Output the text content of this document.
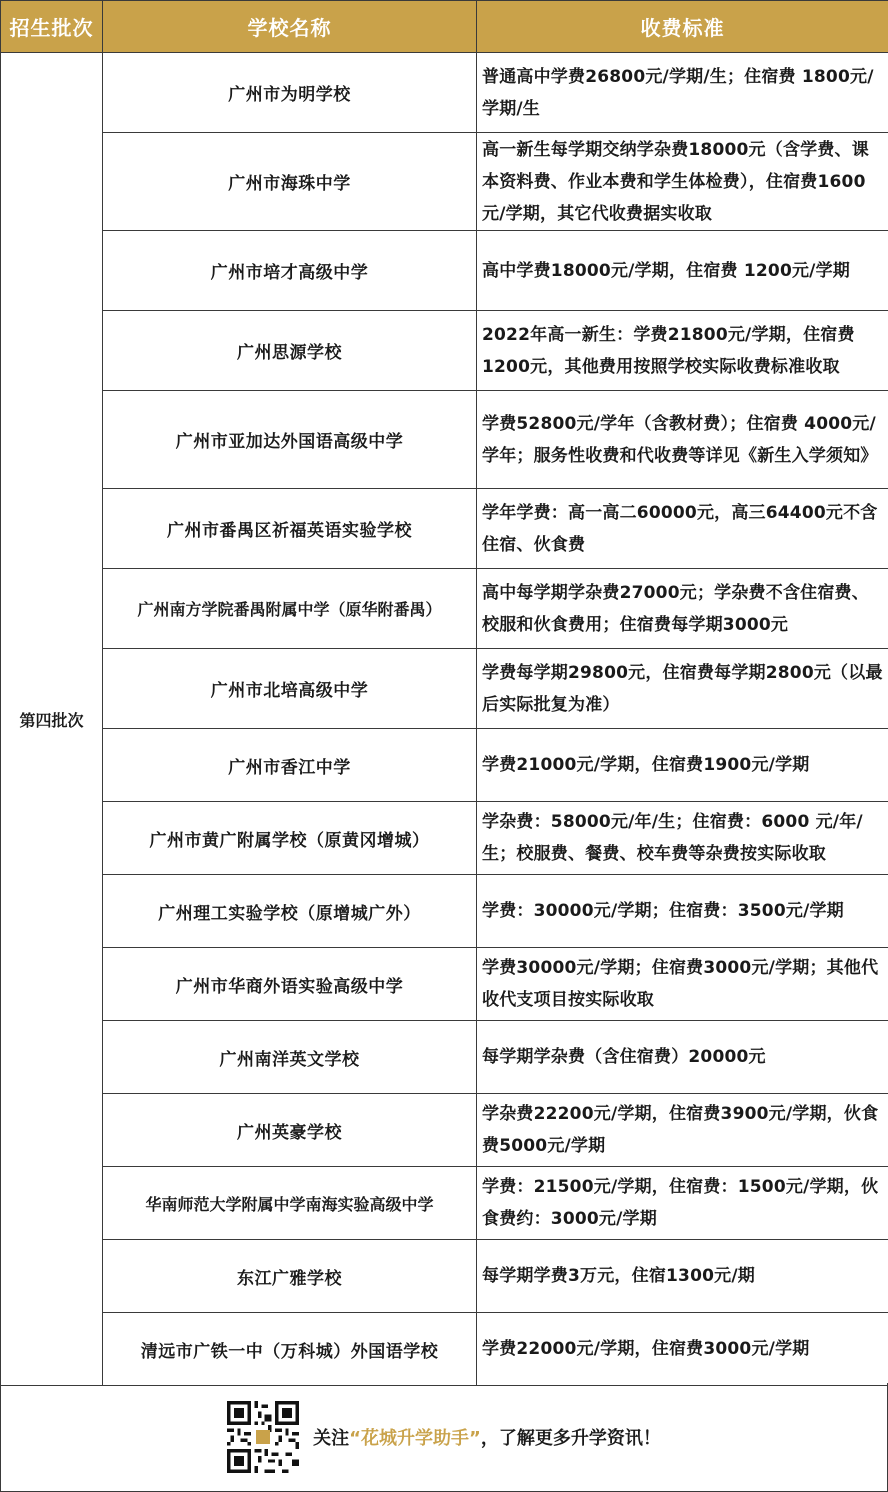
招生批次	学校名称	收费标准
第四批次	广州市为明学校	普通高中学费26800元/学期/生；住宿费 1800元/学期/生
	广州市海珠中学	高一新生每学期交纳学杂费18000元（含学费、课本资料费、作业本费和学生体检费），住宿费1600元/学期，其它代收费据实收取
	广州市培才高级中学	高中学费18000元/学期，住宿费 1200元/学期
	广州思源学校	2022年高一新生：学费21800元/学期，住宿费1200元，其他费用按照学校实际收费标准收取
	广州市亚加达外国语高级中学	学费52800元/学年（含教材费）；住宿费 4000元/学年；服务性收费和代收费等详见《新生入学须知》
	广州市番禺区祈福英语实验学校	学年学费：高一高二60000元，高三64400元不含住宿、伙食费
	广州南方学院番禺附属中学（原华附番禺）	高中每学期学杂费27000元；学杂费不含住宿费、校服和伙食费用；住宿费每学期3000元
	广州市北培高级中学	学费每学期29800元，住宿费每学期2800元（以最后实际批复为准）
	广州市香江中学	学费21000元/学期，住宿费1900元/学期
	广州市黄广附属学校（原黄冈增城）	学杂费：58000元/年/生；住宿费：6000 元/年/生；校服费、餐费、校车费等杂费按实际收取
	广州理工实验学校（原增城广外）	学费：30000元/学期；住宿费：3500元/学期
	广州市华商外语实验高级中学	学费30000元/学期；住宿费3000元/学期；其他代收代支项目按实际收取
	广州南洋英文学校	每学期学杂费（含住宿费）20000元
	广州英豪学校	学杂费22200元/学期，住宿费3900元/学期，伙食费5000元/学期
	华南师范大学附属中学南海实验高级中学	学费：21500元/学期，住宿费：1500元/学期，伙食费约：3000元/学期
	东江广雅学校	每学期学费3万元，住宿1300元/期
	清远市广铁一中（万科城）外国语学校	学费22000元/学期，住宿费3000元/学期
关注“花城升学助手”，了解更多升学资讯！
